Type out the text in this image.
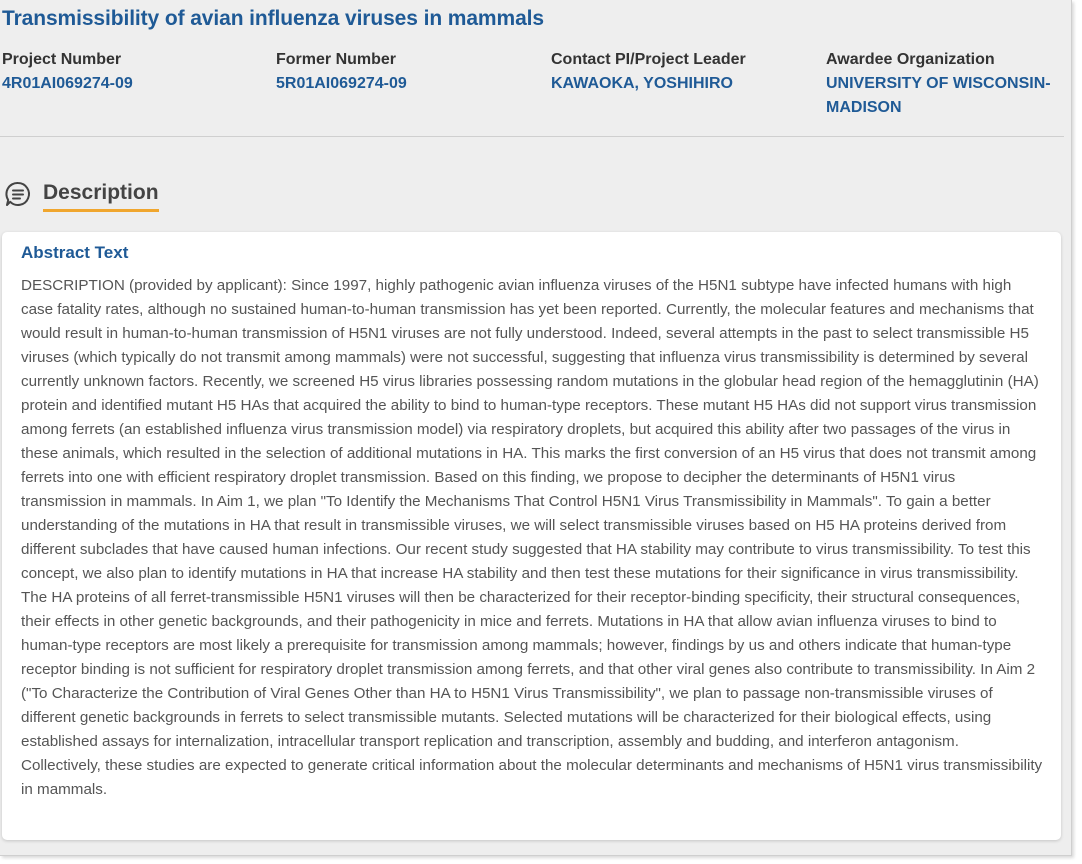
Transmissibility of avian influenza viruses in mammals
Project Number
4R01AI069274-09
Former Number
5R01AI069274-09
Contact PI/Project Leader
KAWAOKA, YOSHIHIRO
Awardee Organization
UNIVERSITY OF WISCONSIN-MADISON
Description
Abstract Text

DESCRIPTION (provided by applicant): Since 1997, highly pathogenic avian influenza viruses of the H5N1 subtype have infected humans with high case fatality rates, although no sustained human-to-human transmission has yet been reported. Currently, the molecular features and mechanisms that would result in human-to-human transmission of H5N1 viruses are not fully understood. Indeed, several attempts in the past to select transmissible H5 viruses (which typically do not transmit among mammals) were not successful, suggesting that influenza virus transmissibility is determined by several currently unknown factors. Recently, we screened H5 virus libraries possessing random mutations in the globular head region of the hemagglutinin (HA) protein and identified mutant H5 HAs that acquired the ability to bind to human-type receptors. These mutant H5 HAs did not support virus transmission among ferrets (an established influenza virus transmission model) via respiratory droplets, but acquired this ability after two passages of the virus in these animals, which resulted in the selection of additional mutations in HA. This marks the first conversion of an H5 virus that does not transmit among ferrets into one with efficient respiratory droplet transmission. Based on this finding, we propose to decipher the determinants of H5N1 virus transmission in mammals. In Aim 1, we plan "To Identify the Mechanisms That Control H5N1 Virus Transmissibility in Mammals". To gain a better understanding of the mutations in HA that result in transmissible viruses, we will select transmissible viruses based on H5 HA proteins derived from different subclades that have caused human infections. Our recent study suggested that HA stability may contribute to virus transmissibility. To test this concept, we also plan to identify mutations in HA that increase HA stability and then test these mutations for their significance in virus transmissibility. The HA proteins of all ferret-transmissible H5N1 viruses will then be characterized for their receptor-binding specificity, their structural consequences, their effects in other genetic backgrounds, and their pathogenicity in mice and ferrets. Mutations in HA that allow avian influenza viruses to bind to human-type receptors are most likely a prerequisite for transmission among mammals; however, findings by us and others indicate that human-type receptor binding is not sufficient for respiratory droplet transmission among ferrets, and that other viral genes also contribute to transmissibility. In Aim 2 ("To Characterize the Contribution of Viral Genes Other than HA to H5N1 Virus Transmissibility", we plan to passage non-transmissible viruses of different genetic backgrounds in ferrets to select transmissible mutants. Selected mutations will be characterized for their biological effects, using established assays for internalization, intracellular transport replication and transcription, assembly and budding, and interferon antagonism. Collectively, these studies are expected to generate critical information about the molecular determinants and mechanisms of H5N1 virus transmissibility in mammals.
